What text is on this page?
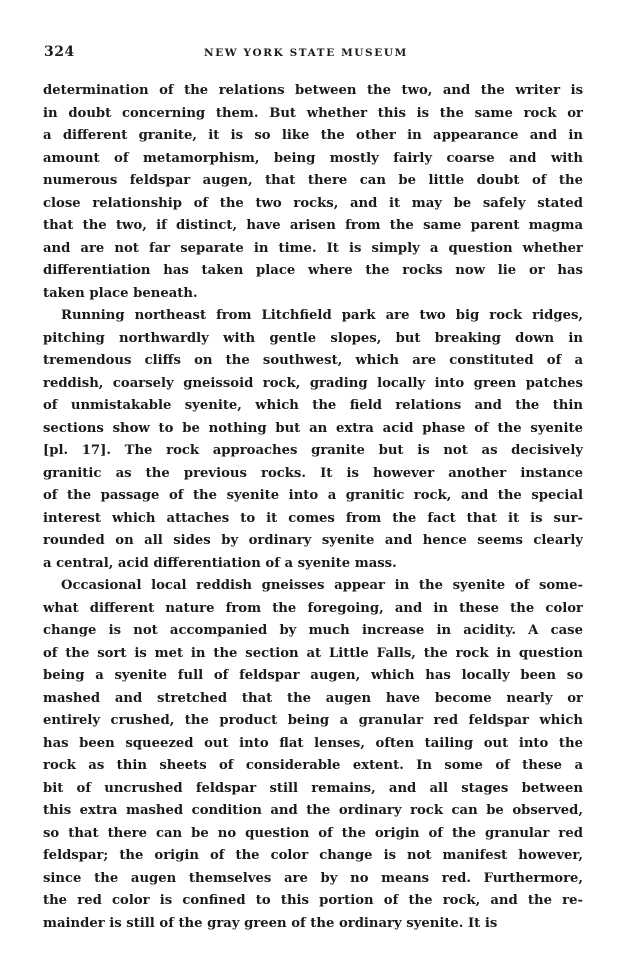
324	NEW YORK STATE MUSEUM
determination of the relations between the two, and the writer is
in doubt concerning them. But whether this is the same rock or
a different granite, it is so like the other in appearance and in
amount of metamorphism, being mostly fairly coarse and with
numerous feldspar augen, that there can be little doubt of the
close relationship of the two rocks, and it may be safely stated
that the two, if distinct, have arisen from the same parent magma
and are not far separate in time. It is simply a question whether
differentiation has taken place where the rocks now lie or has
taken place beneath.
Running northeast from Litchfield park are two big rock ridges,
pitching northwardly with gentle slopes, but breaking down in
tremendous cliffs on the southwest, which are constituted of a
reddish, coarsely gneissoid rock, grading locally into green patches
of unmistakable syenite, which the field relations and the thin
sections show to be nothing but an extra acid phase of the syenite
[pl. 17]. The rock approaches granite but is not as decisively
granitic as the previous rocks. It is however another instance
of the passage of the syenite into a granitic rock, and the special
interest which attaches to it comes from the fact that it is sur-
rounded on all sides by ordinary syenite and hence seems clearly
a central, acid differentiation of a syenite mass.
Occasional local reddish gneisses appear in the syenite of some-
what different nature from the foregoing, and in these the color
change is not accompanied by much increase in acidity. A case
of the sort is met in the section at Little Falls, the rock in question
being a syenite full of feldspar augen, which has locally been so
mashed and stretched that the augen have become nearly or
entirely crushed, the product being a granular red feldspar which
has been squeezed out into flat lenses, often tailing out into the
rock as thin sheets of considerable extent. In some of these a
bit of uncrushed feldspar still remains, and all stages between
this extra mashed condition and the ordinary rock can be observed,
so that there can be no question of the origin of the granular red
feldspar; the origin of the color change is not manifest however,
since the augen themselves are by no means red. Furthermore,
the red color is confined to this portion of the rock, and the re-
mainder is still of the gray green of the ordinary syenite. It is
